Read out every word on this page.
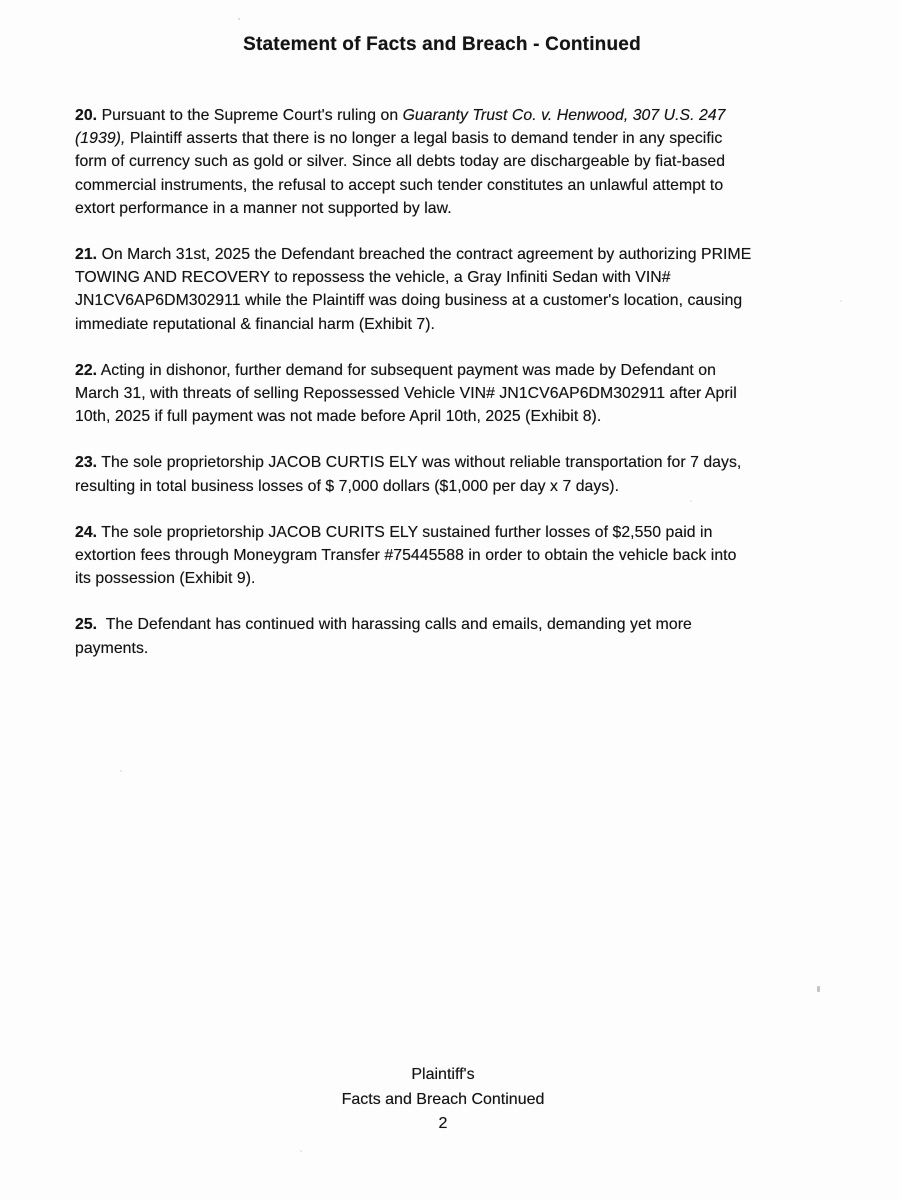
Statement of Facts and Breach - Continued
20. Pursuant to the Supreme Court's ruling on Guaranty Trust Co. v. Henwood, 307 U.S. 247
(1939), Plaintiff asserts that there is no longer a legal basis to demand tender in any specific
form of currency such as gold or silver. Since all debts today are dischargeable by fiat-based
commercial instruments, the refusal to accept such tender constitutes an unlawful attempt to
extort performance in a manner not supported by law.
21. On March 31st, 2025 the Defendant breached the contract agreement by authorizing PRIME
TOWING AND RECOVERY to repossess the vehicle, a Gray Infiniti Sedan with VIN#
JN1CV6AP6DM302911 while the Plaintiff was doing business at a customer's location, causing
immediate reputational & financial harm (Exhibit 7).
22. Acting in dishonor, further demand for subsequent payment was made by Defendant on
March 31, with threats of selling Repossessed Vehicle VIN# JN1CV6AP6DM302911 after April
10th, 2025 if full payment was not made before April 10th, 2025 (Exhibit 8).
23. The sole proprietorship JACOB CURTIS ELY was without reliable transportation for 7 days,
resulting in total business losses of $ 7,000 dollars ($1,000 per day x 7 days).
24. The sole proprietorship JACOB CURITS ELY sustained further losses of $2,550 paid in
extortion fees through Moneygram Transfer #75445588 in order to obtain the vehicle back into
its possession (Exhibit 9).
25.  The Defendant has continued with harassing calls and emails, demanding yet more
payments.
Plaintiff's
Facts and Breach Continued
2
